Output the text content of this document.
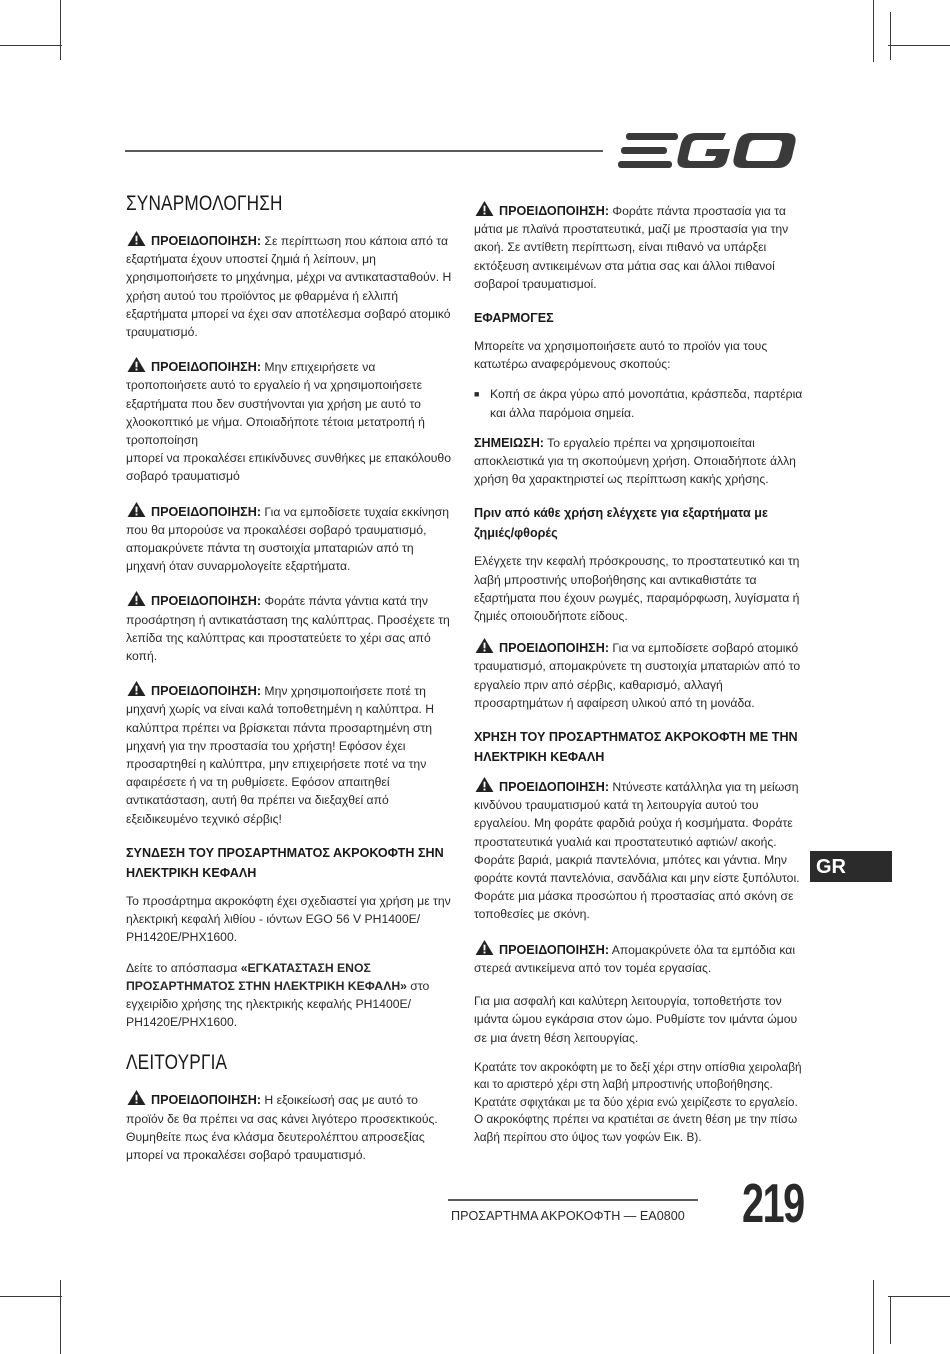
ΣΥΝΑΡΜΟΛΟΓΗΣΗ

ΠΡΟΕΙΔΟΠΟΙΗΣΗ: Σε περίπτωση που κάποια από τα εξαρτήματα έχουν υποστεί ζημιά ή λείπουν, μη χρησιμοποιήσετε το μηχάνημα, μέχρι να αντικατασταθούν. Η χρήση αυτού του προϊόντος με φθαρμένα ή ελλιπή εξαρτήματα μπορεί να έχει σαν αποτέλεσμα σοβαρό ατομικό τραυματισμό.

ΠΡΟΕΙΔΟΠΟΙΗΣΗ: Μην επιχειρήσετε να τροποποιήσετε αυτό το εργαλείο ή να χρησιμοποιήσετε εξαρτήματα που δεν συστήνονται για χρήση με αυτό το χλοοκοπτικό με νήμα. Οποιαδήποτε τέτοια μετατροπή ή τροποποίηση
μπορεί να προκαλέσει επικίνδυνες συνθήκες με επακόλουθο σοβαρό τραυματισμό

ΠΡΟΕΙΔΟΠΟΙΗΣΗ: Για να εμποδίσετε τυχαία εκκίνηση που θα μπορούσε να προκαλέσει σοβαρό τραυματισμό, απομακρύνετε πάντα τη συστοιχία μπαταριών από τη μηχανή όταν συναρμολογείτε εξαρτήματα.

ΠΡΟΕΙΔΟΠΟΙΗΣΗ: Φοράτε πάντα γάντια κατά την προσάρτηση ή αντικατάσταση της καλύπτρας. Προσέχετε τη λεπίδα της καλύπτρας και προστατεύετε το χέρι σας από κοπή.

ΠΡΟΕΙΔΟΠΟΙΗΣΗ: Μην χρησιμοποιήσετε ποτέ τη μηχανή χωρίς να είναι καλά τοποθετημένη η καλύπτρα. Η καλύπτρα πρέπει να βρίσκεται πάντα προσαρτημένη στη μηχανή για την προστασία του χρήστη! Εφόσον έχει προσαρτηθεί η καλύπτρα, μην επιχειρήσετε ποτέ να την αφαιρέσετε ή να τη ρυθμίσετε. Εφόσον απαιτηθεί αντικατάσταση, αυτή θα πρέπει να διεξαχθεί από εξειδικευμένο τεχνικό σέρβις!

ΣΥΝΔΕΣΗ ΤΟΥ ΠΡΟΣΑΡΤΗΜΑΤΟΣ ΑΚΡΟΚΟΦΤΗ ΣΗΝ ΗΛΕΚΤΡΙΚΗ ΚΕΦΑΛΗ

Το προσάρτημα ακροκόφτη έχει σχεδιαστεί για χρήση με την ηλεκτρική κεφαλή λιθίου - ιόντων EGO 56 V PH1400E/ PH1420E/PHX1600.

Δείτε το απόσπασμα «ΕΓΚΑΤΑΣΤΑΣΗ ΕΝΟΣ ΠΡΟΣΑΡΤΗΜΑΤΟΣ ΣΤΗΝ ΗΛΕΚΤΡΙΚΗ ΚΕΦΑΛΗ» στο εγχειρίδιο χρήσης της ηλεκτρικής κεφαλής PH1400E/ PH1420E/PHX1600.

ΛΕΙΤΟΥΡΓΙΑ

ΠΡΟΕΙΔΟΠΟΙΗΣΗ: Η εξοικείωσή σας με αυτό το προϊόν δε θα πρέπει να σας κάνει λιγότερο προσεκτικούς. Θυμηθείτε πως ένα κλάσμα δευτερολέπτου απροσεξίας μπορεί να προκαλέσει σοβαρό τραυματισμό.

ΠΡΟΕΙΔΟΠΟΙΗΣΗ: Φοράτε πάντα προστασία για τα μάτια με πλαϊνά προστατευτικά, μαζί με προστασία για την ακοή. Σε αντίθετη περίπτωση, είναι πιθανό να υπάρξει εκτόξευση αντικειμένων στα μάτια σας και άλλοι πιθανοί σοβαροί τραυματισμοί.

ΕΦΑΡΜΟΓΕΣ

Μπορείτε να χρησιμοποιήσετε αυτό το προϊόν για τους κατωτέρω αναφερόμενους σκοπούς:

■ Κοπή σε άκρα γύρω από μονοπάτια, κράσπεδα, παρτέρια και άλλα παρόμοια σημεία.

ΣΗΜΕΙΩΣΗ: Το εργαλείο πρέπει να χρησιμοποιείται αποκλειστικά για τη σκοπούμενη χρήση. Οποιαδήποτε άλλη χρήση θα χαρακτηριστεί ως περίπτωση κακής χρήσης.

Πριν από κάθε χρήση ελέγχετε για εξαρτήματα με ζημιές/φθορές

Ελέγχετε την κεφαλή πρόσκρουσης, το προστατευτικό και τη λαβή μπροστινής υποβοήθησης και αντικαθιστάτε τα εξαρτήματα που έχουν ρωγμές, παραμόρφωση, λυγίσματα ή ζημιές οποιουδήποτε είδους.

ΠΡΟΕΙΔΟΠΟΙΗΣΗ: Για να εμποδίσετε σοβαρό ατομικό τραυματισμό, απομακρύνετε τη συστοιχία μπαταριών από το εργαλείο πριν από σέρβις, καθαρισμό, αλλαγή προσαρτημάτων ή αφαίρεση υλικού από τη μονάδα.

ΧΡΗΣΗ ΤΟΥ ΠΡΟΣΑΡΤΗΜΑΤΟΣ ΑΚΡΟΚΟΦΤΗ ΜΕ ΤΗΝ ΗΛΕΚΤΡΙΚΗ ΚΕΦΑΛΗ

ΠΡΟΕΙΔΟΠΟΙΗΣΗ: Ντύνεστε κατάλληλα για τη μείωση κινδύνου τραυματισμού κατά τη λειτουργία αυτού του εργαλείου. Μη φοράτε φαρδιά ρούχα ή κοσμήματα. Φοράτε προστατευτικά γυαλιά και προστατευτικό αφτιών/ ακοής. Φοράτε βαριά, μακριά παντελόνια, μπότες και γάντια. Μην φοράτε κοντά παντελόνια, σανδάλια και μην είστε ξυπόλυτοι. Φοράτε μια μάσκα προσώπου ή προστασίας από σκόνη σε τοποθεσίες με σκόνη.

ΠΡΟΕΙΔΟΠΟΙΗΣΗ: Απομακρύνετε όλα τα εμπόδια και στερεά αντικείμενα από τον τομέα εργασίας.

Για μια ασφαλή και καλύτερη λειτουργία, τοποθετήστε τον ιμάντα ώμου εγκάρσια στον ώμο. Ρυθμίστε τον ιμάντα ώμου σε μια άνετη θέση λειτουργίας.

Κρατάτε τον ακροκόφτη με το δεξί χέρι στην οπίσθια χειρολαβή και το αριστερό χέρι στη λαβή μπροστινής υποβοήθησης. Κρατάτε σφιχτάκαι με τα δύο χέρια ενώ χειρίζεστε το εργαλείο. Ο ακροκόφτης πρέπει να κρατιέται σε άνετη θέση με την πίσω λαβή περίπου στο ύψος των γοφών Εικ. Β).

GR
ΠΡΟΣΑΡΤΗΜΑ ΑΚΡΟΚΟΦΤΗ — EA0800 219
